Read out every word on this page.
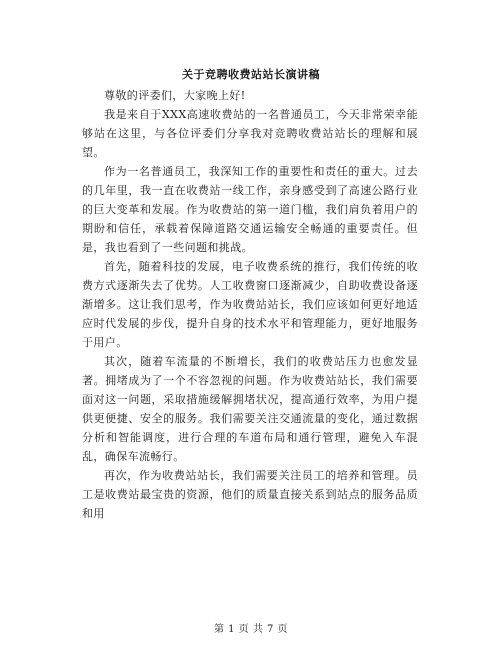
关于竞聘收费站站长演讲稿

尊敬的评委们，大家晚上好!

我是来自于XXX高速收费站的一名普通员工，今天非常荣幸能够站在这里，与各位评委们分享我对竞聘收费站站长的理解和展望。

作为一名普通员工，我深知工作的重要性和责任的重大。过去的几年里，我一直在收费站一线工作，亲身感受到了高速公路行业的巨大变革和发展。作为收费站的第一道门槛，我们肩负着用户的期盼和信任，承载着保障道路交通运输安全畅通的重要责任。但是，我也看到了一些问题和挑战。

首先，随着科技的发展，电子收费系统的推行，我们传统的收费方式逐渐失去了优势。人工收费窗口逐渐减少，自助收费设备逐渐增多。这让我们思考，作为收费站站长，我们应该如何更好地适应时代发展的步伐，提升自身的技术水平和管理能力，更好地服务于用户。

其次，随着车流量的不断增长，我们的收费站压力也愈发显著。拥堵成为了一个不容忽视的问题。作为收费站站长，我们需要面对这一问题，采取措施缓解拥堵状况，提高通行效率，为用户提供更便捷、安全的服务。我们需要关注交通流量的变化，通过数据分析和智能调度，进行合理的车道布局和通行管理，避免入车混乱，确保车流畅行。

再次，作为收费站站长，我们需要关注员工的培养和管理。员工是收费站最宝贵的资源，他们的质量直接关系到站点的服务品质和用

第 1 页 共 7 页
